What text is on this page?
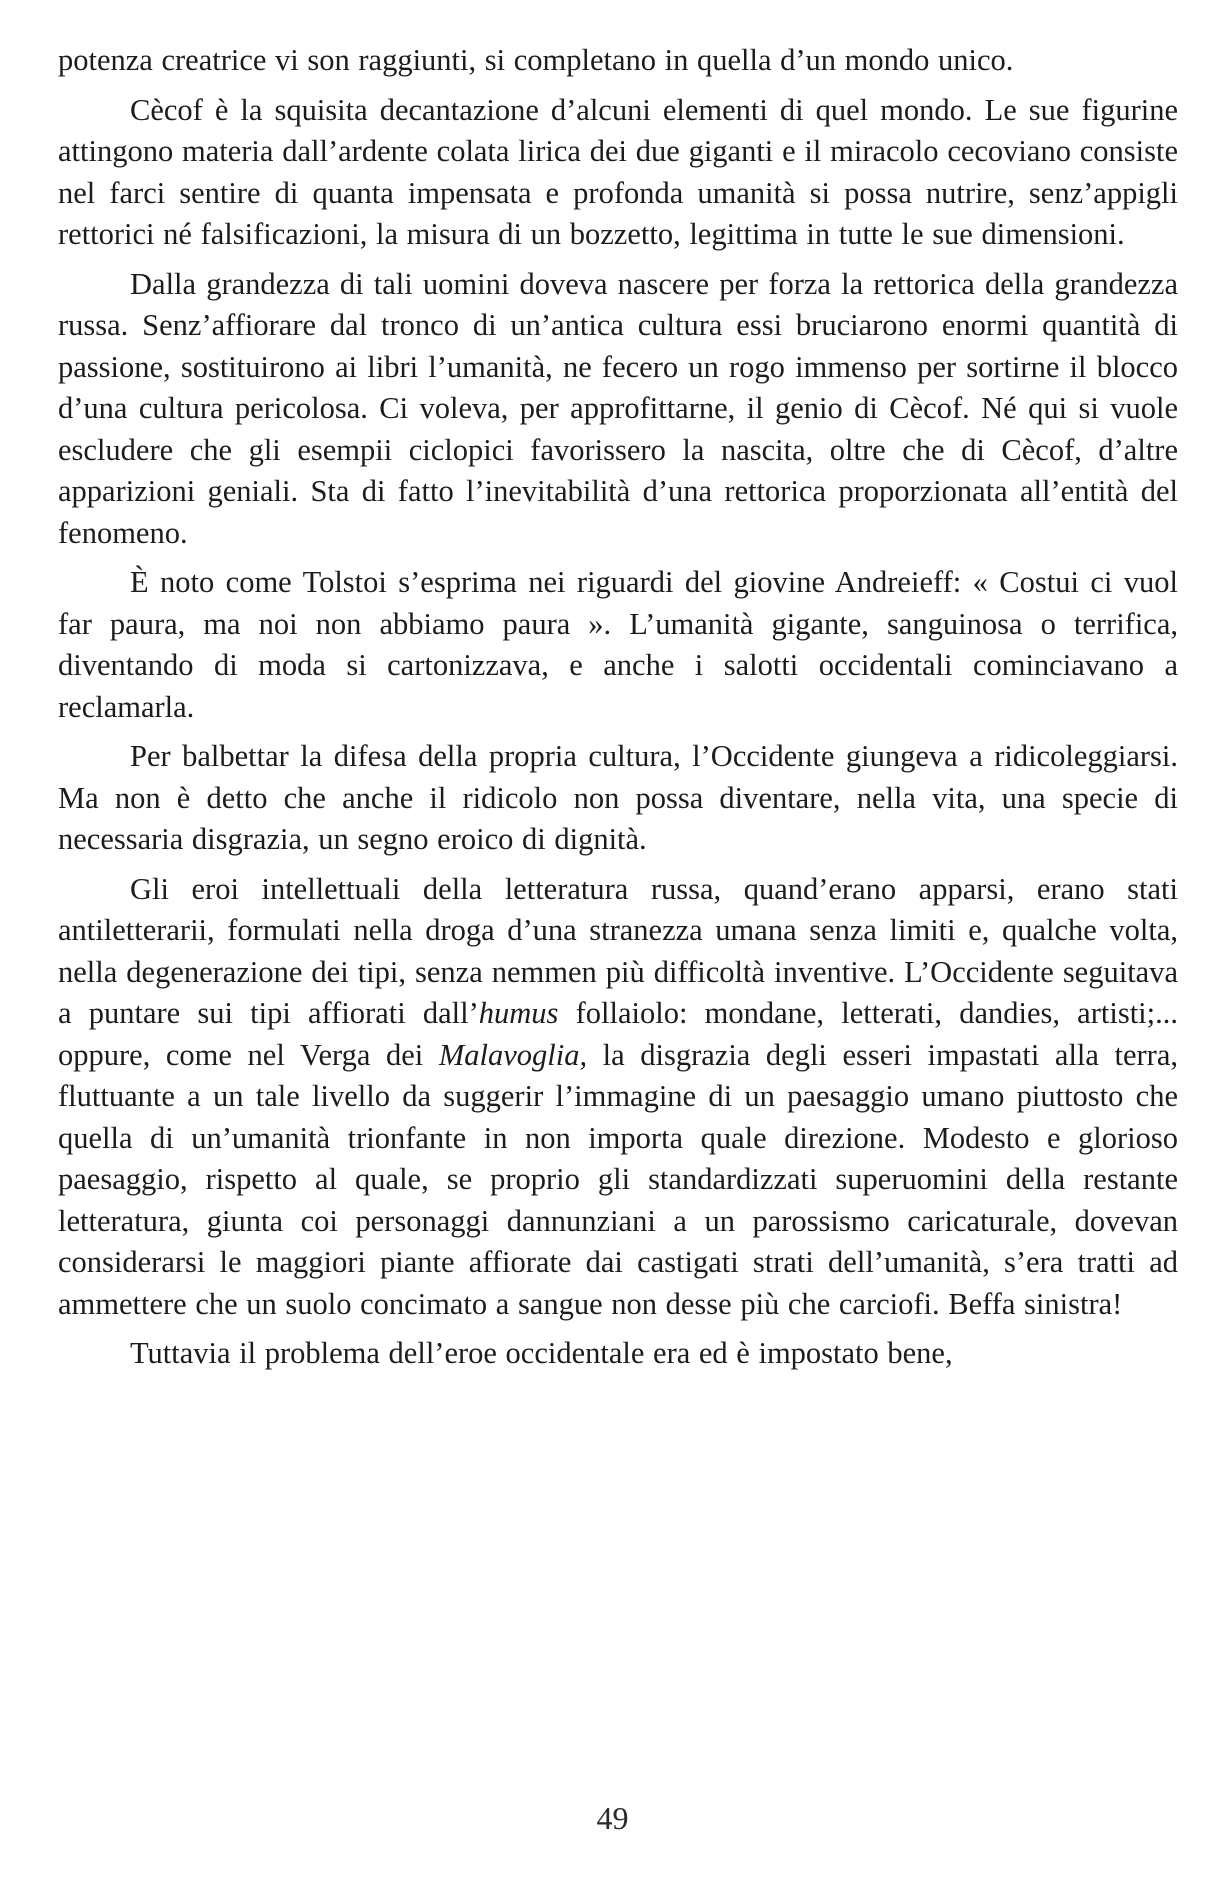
potenza creatrice vi son raggiunti, si completano in quella d’un mondo unico.

Cècof è la squisita decantazione d’alcuni elementi di quel mondo. Le sue figurine attingono materia dall’ardente colata lirica dei due giganti e il miracolo cecoviano consiste nel farci sentire di quanta impensata e profonda umanità si possa nutrire, senz’appigli rettorici né falsificazioni, la misura di un bozzetto, legittima in tutte le sue dimensioni.

Dalla grandezza di tali uomini doveva nascere per forza la rettorica della grandezza russa. Senz’affiorare dal tronco di un’antica cultura essi bruciarono enormi quantità di passione, sostituirono ai libri l’umanità, ne fecero un rogo immenso per sortirne il blocco d’una cultura pericolosa. Ci voleva, per approfittarne, il genio di Cècof. Né qui si vuole escludere che gli esempii ciclopici favorissero la nascita, oltre che di Cècof, d’altre apparizioni geniali. Sta di fatto l’inevitabilità d’una rettorica proporzionata all’entità del fenomeno.

È noto come Tolstoi s’esprima nei riguardi del giovine Andreieff: « Costui ci vuol far paura, ma noi non abbiamo paura ». L’umanità gigante, sanguinosa o terrifica, diventando di moda si cartonizzava, e anche i salotti occidentali cominciavano a reclamarla.

Per balbettar la difesa della propria cultura, l’Occidente giungeva a ridicoleggiarsi. Ma non è detto che anche il ridicolo non possa diventare, nella vita, una specie di necessaria disgrazia, un segno eroico di dignità.

Gli eroi intellettuali della letteratura russa, quand’erano apparsi, erano stati antiletterarii, formulati nella droga d’una stranezza umana senza limiti e, qualche volta, nella degenerazione dei tipi, senza nemmen più difficoltà inventive. L’Occidente seguitava a puntare sui tipi affiorati dall’humus follaiolo: mondane, letterati, dandies, artisti;... oppure, come nel Verga dei Malavoglia, la disgrazia degli esseri impastati alla terra, fluttuante a un tale livello da suggerir l’immagine di un paesaggio umano piuttosto che quella di un’umanità trionfante in non importa quale direzione. Modesto e glorioso paesaggio, rispetto al quale, se proprio gli standardizzati superuomini della restante letteratura, giunta coi personaggi dannunziani a un parossismo caricaturale, dovevan considerarsi le maggiori piante affiorate dai castigati strati dell’umanità, s’era tratti ad ammettere che un suolo concimato a sangue non desse più che carciofi. Beffa sinistra!

Tuttavia il problema dell’eroe occidentale era ed è impostato bene,

49
